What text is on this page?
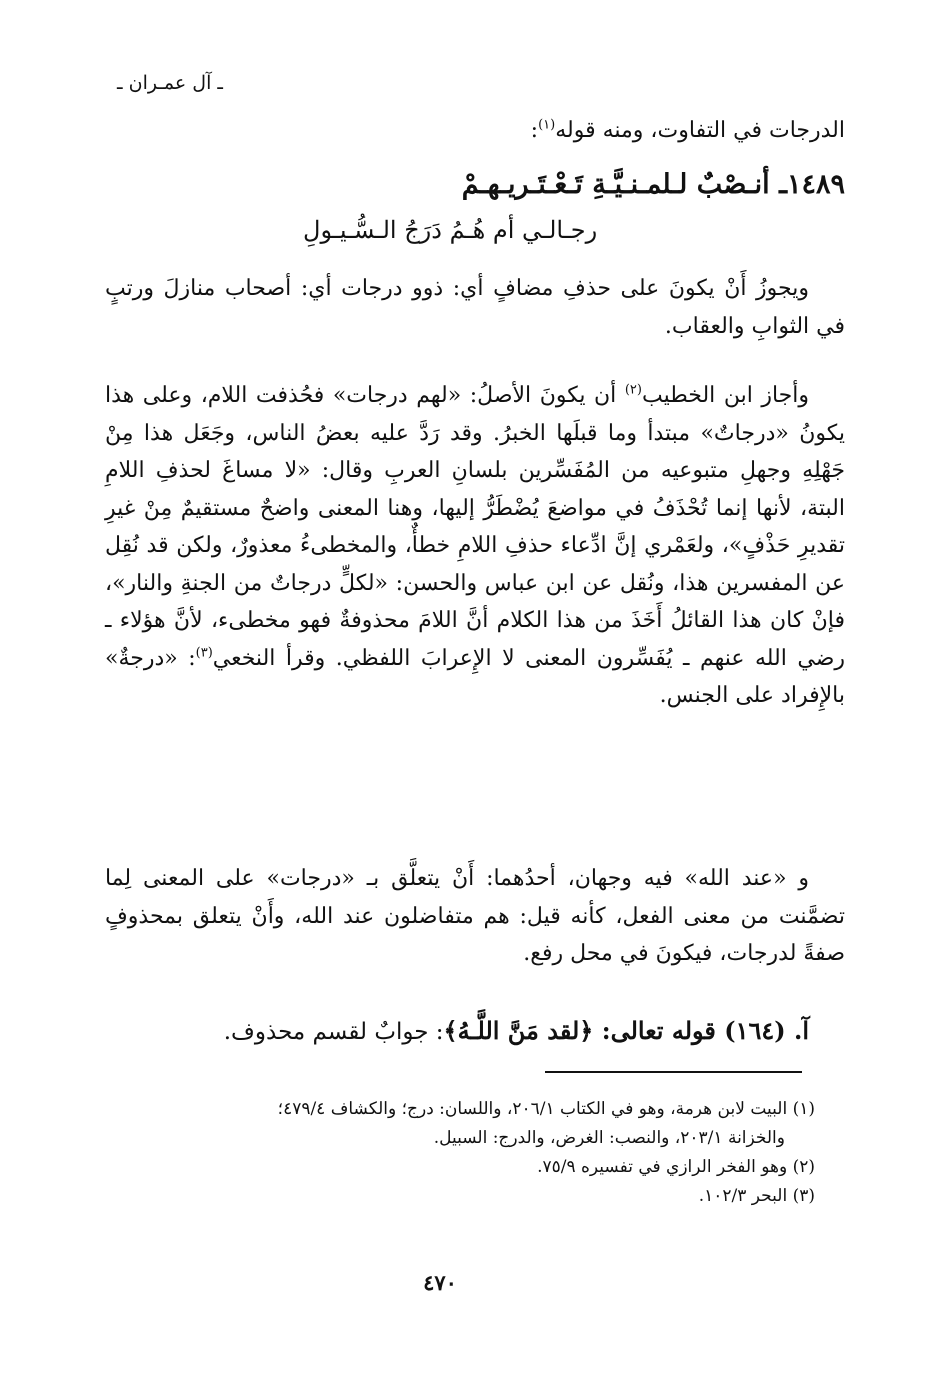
ـ آل عمـران ـ
الدرجات في التفاوت، ومنه قوله$^{(١)}$:
١٤٨٩ـ أنـصْبٌ لـلمـنـيَّـةِ تَـعْـتَـريـهـمْ
رجـالـي أم هُـمُ دَرَجُ الـسُّـيـولِ
ويجوزُ أَنْ يكونَ على حذفِ مضافٍ أي: ذوو درجات أي: أصحاب منازلَ ورتبٍ في الثوابِ والعقاب.
وأجاز ابن الخطيب$^{(٢)}$ أن يكونَ الأصلُ: «لهم درجات» فحُذفت اللام، وعلى هذا يكونُ «درجاتٌ» مبتدأ وما قبلَها الخبرُ. وقد رَدَّ عليه بعضُ الناس، وجَعَل هذا مِنْ جَهْلِهِ وجهلِ متبوعيه من المُفَسِّرين بلسانِ العربِ وقال: «لا مساغَ لحذفِ اللامِ البتة، لأنها إنما تُحْذَفُ في مواضعَ يُضْطَرُّ إليها، وهنا المعنى واضحٌ مستقيمٌ مِنْ غيرِ تقديرِ حَذْفٍ»، ولعَمْري إنَّ ادِّعاء حذفِ اللامِ خطأٌ، والمخطىءُ معذورٌ، ولكن قد نُقِل عن المفسرين هذا، ونُقل عن ابن عباس والحسن: «لكلٍّ درجاتٌ من الجنةِ والنار»، فإنْ كان هذا القائلُ أَخَذَ من هذا الكلام أنَّ اللامَ محذوفةٌ فهو مخطىء، لأنَّ هؤلاء ـ رضي الله عنهم ـ يُفَسِّرون المعنى لا الإِعرابَ اللفظي. وقرأ النخعي$^{(٣)}$: «درجةٌ» بالإِفراد على الجنس.
و «عند الله» فيه وجهان، أحدُهما: أَنْ يتعلَّق بـ «درجات» على المعنى لِما تضمَّنت من معنى الفعل، كأنه قيل: هم متفاضلون عند الله، وأَنْ يتعلق بمحذوفٍ صفةً لدرجات، فيكونَ في محل رفع.
آ. (١٦٤) قوله تعالى: ﴿لقد مَنَّ اللَّـهُ﴾: جوابٌ لقسم محذوف.
(١) البيت لابن هرمة، وهو في الكتاب ٢٠٦/١، واللسان: درج؛ والكشاف ٤٧٩/٤؛
والخزانة ٢٠٣/١، والنصب: الغرض، والدرج: السبيل.
(٢) وهو الفخر الرازي في تفسيره ٧٥/٩.
(٣) البحر ١٠٢/٣.
٤٧٠
